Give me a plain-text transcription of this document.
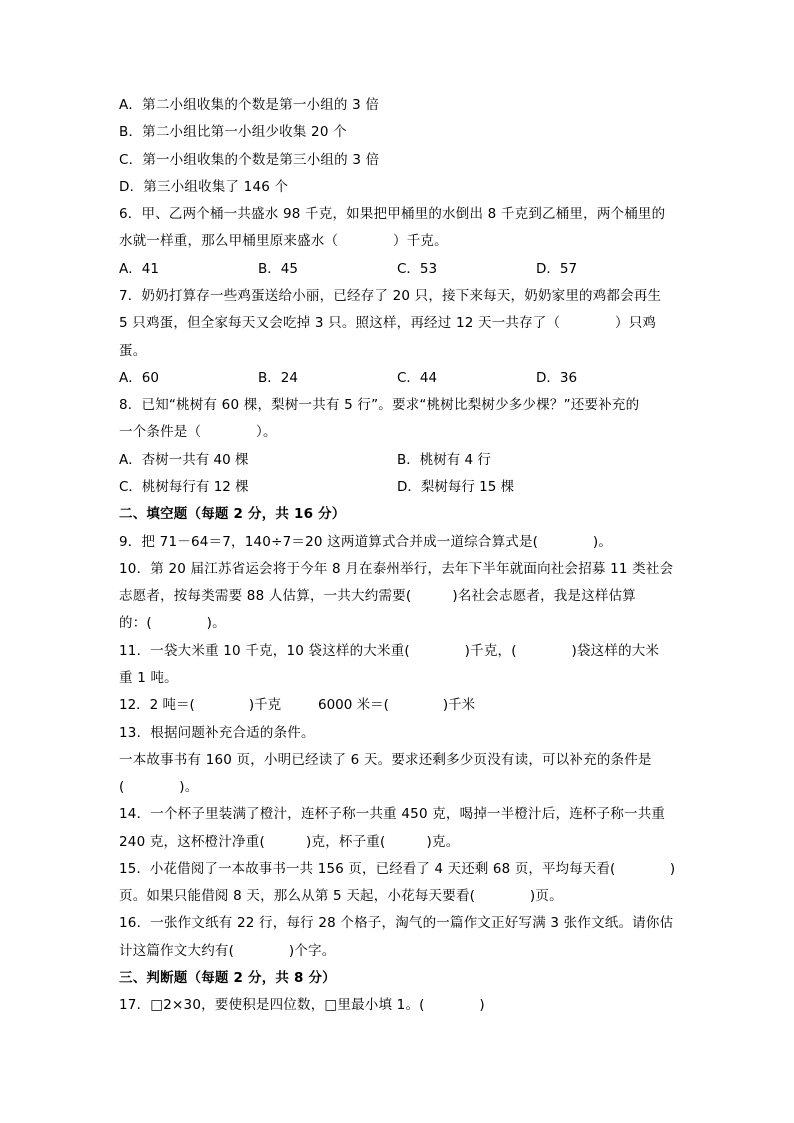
A．第二小组收集的个数是第一小组的 3 倍
B．第二小组比第一小组少收集 20 个
C．第一小组收集的个数是第三小组的 3 倍
D．第三小组收集了 146 个
6．甲、乙两个桶一共盛水 98 千克，如果把甲桶里的水倒出 8 千克到乙桶里，两个桶里的
水就一样重，那么甲桶里原来盛水（　　　　）千克。
A．41	B．45	C．53	D．57
7．奶奶打算存一些鸡蛋送给小丽，已经存了 20 只，接下来每天，奶奶家里的鸡都会再生
5 只鸡蛋，但全家每天又会吃掉 3 只。照这样，再经过 12 天一共存了（　　　　）只鸡
蛋。
A．60	B．24	C．44	D．36
8．已知“桃树有 60 棵，梨树一共有 5 行”。要求“桃树比梨树少多少棵？”还要补充的
一个条件是（　　　　）。
A．杏树一共有 40 棵	B．桃树有 4 行
C．桃树每行有 12 棵	D．梨树每行 15 棵
二、填空题（每题 2 分，共 16 分）
9．把 71－64＝7，140÷7＝20 这两道算式合并成一道综合算式是(　　　　)。
10．第 20 届江苏省运会将于今年 8 月在泰州举行，去年下半年就面向社会招募 11 类社会
志愿者，按每类需要 88 人估算，一共大约需要(　　　)名社会志愿者，我是这样估算
的：(　　　　)。
11．一袋大米重 10 千克，10 袋这样的大米重(　　　　)千克，(　　　　)袋这样的大米
重 1 吨。
12．2 吨＝(　　　　)千克	6000 米＝(　　　　)千米
13．根据问题补充合适的条件。
一本故事书有 160 页，小明已经读了 6 天。要求还剩多少页没有读，可以补充的条件是
(　　　　)。
14．一个杯子里装满了橙汁，连杯子称一共重 450 克，喝掉一半橙汁后，连杯子称一共重
240 克，这杯橙汁净重(　　　)克，杯子重(　　　)克。
15．小花借阅了一本故事书一共 156 页，已经看了 4 天还剩 68 页，平均每天看(　　　　)
页。如果只能借阅 8 天，那么从第 5 天起，小花每天要看(　　　　)页。
16．一张作文纸有 22 行，每行 28 个格子，淘气的一篇作文正好写满 3 张作文纸。请你估
计这篇作文大约有(　　　　)个字。
三、判断题（每题 2 分，共 8 分）
17．□2×30，要使积是四位数，□里最小填 1。(　　　　)
